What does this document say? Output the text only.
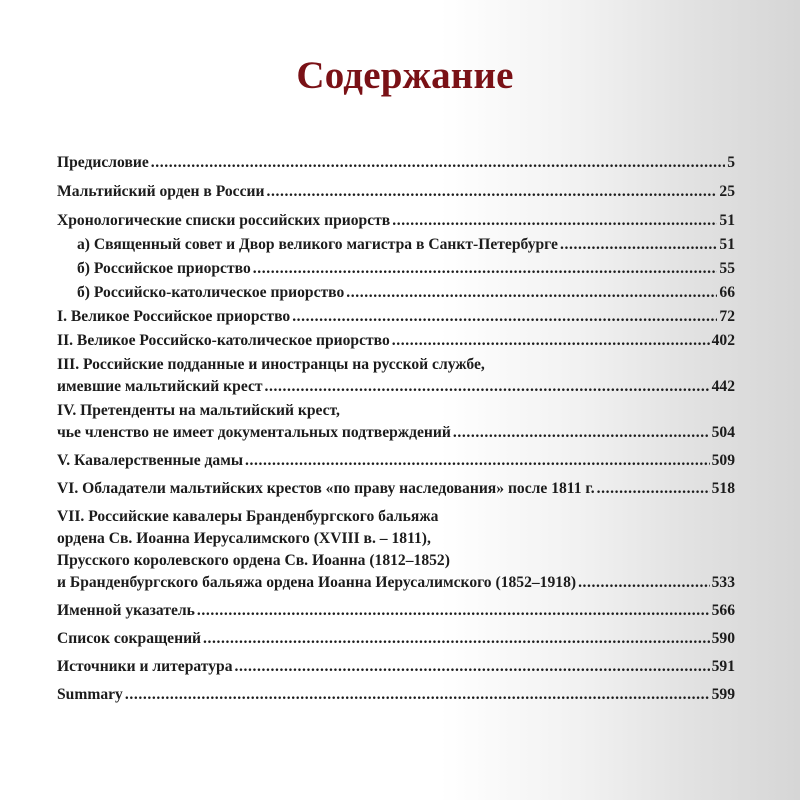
Содержание
Предисловие .....	5
Мальтийский орден в России .....	25
Хронологические списки российских приорств .....	51
а) Священный совет и Двор великого магистра в Санкт-Петербурге .....	51
б) Российское приорство .....	55
б) Российско-католическое приорство .....	66
I. Великое Российское приорство .....	72
II. Великое Российско-католическое приорство .....	402
III. Российские подданные и иностранцы на русской службе,
имевшие мальтийский крест .....	442
IV. Претенденты на мальтийский крест,
чье членство не имеет документальных подтверждений .....	504
V. Кавалерственные дамы .....	509
VI. Обладатели мальтийских крестов «по праву наследования» после 1811 г. .....	518
VII. Российские кавалеры Бранденбургского бальяжа
ордена Св. Иоанна Иерусалимского (XVIII в. – 1811),
Прусского королевского ордена Св. Иоанна (1812–1852)
и Бранденбургского бальяжа ордена Иоанна Иерусалимского (1852–1918) .....	533
Именной указатель .....	566
Список сокращений .....	590
Источники и литература .....	591
Summary .....	599
